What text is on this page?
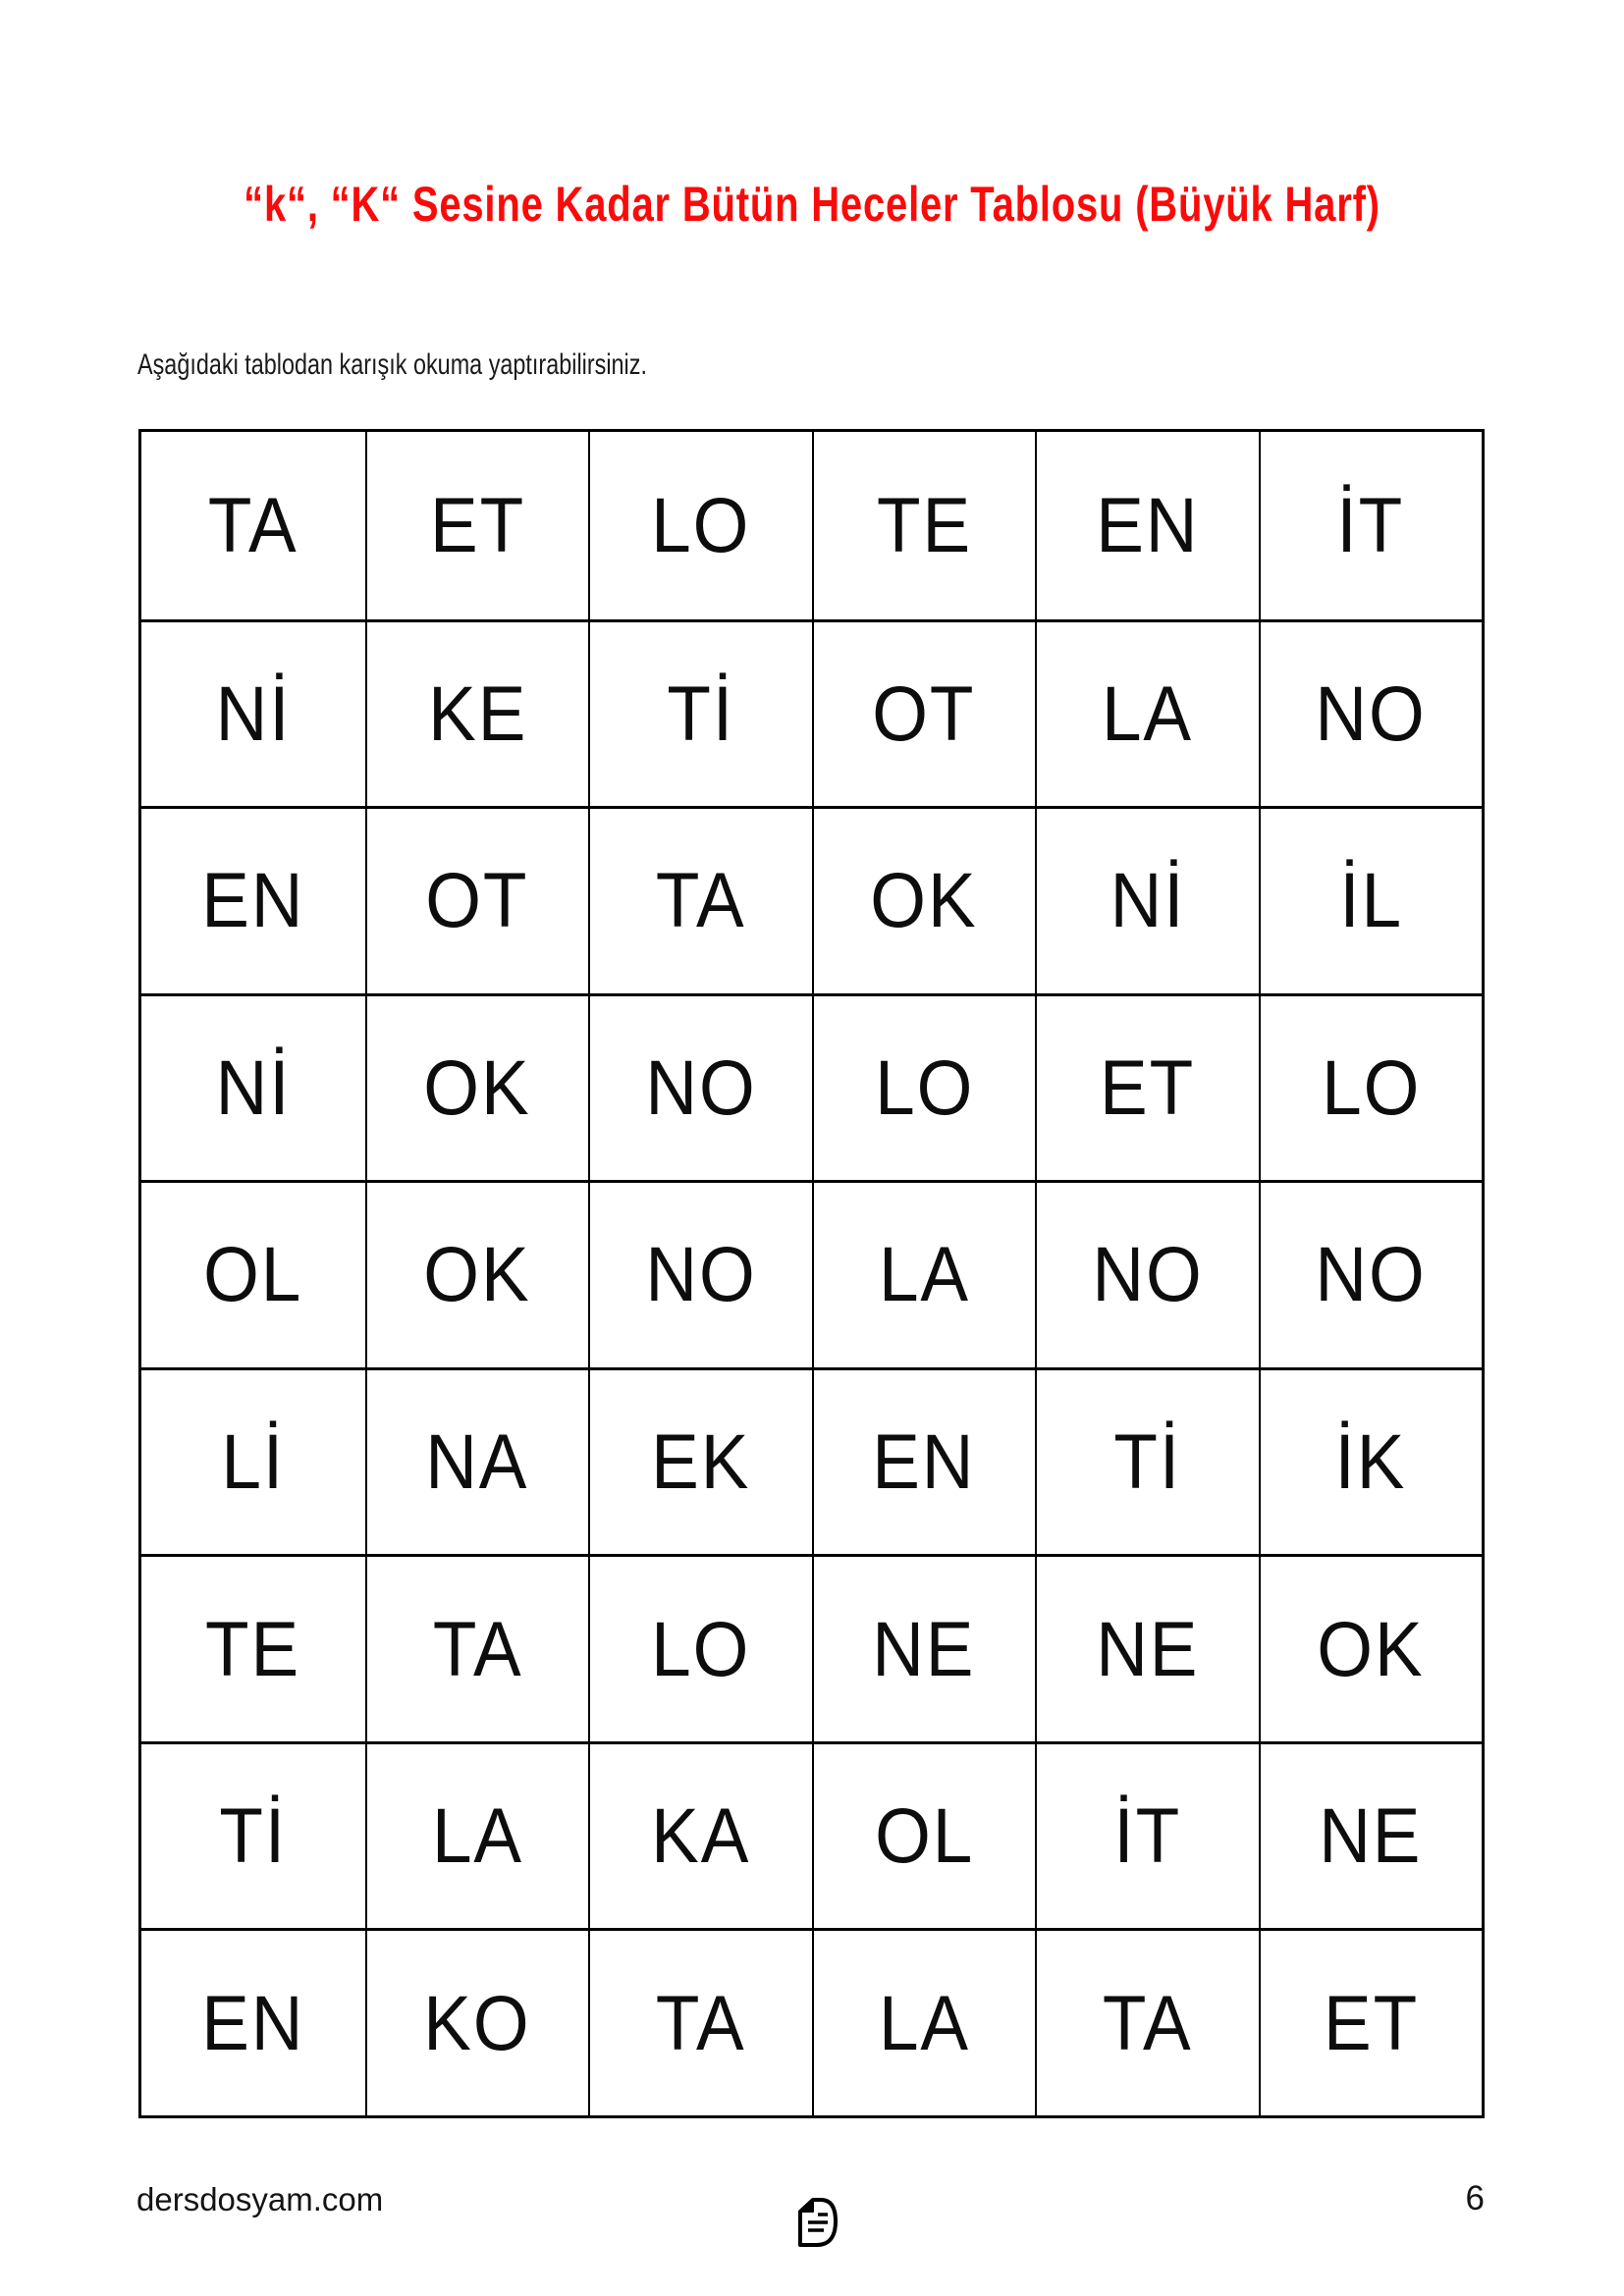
“k“, “K“ Sesine Kadar Bütün Heceler Tablosu (Büyük Harf)

Aşağıdaki tablodan karışık okuma yaptırabilirsiniz.

TA ET LO TE EN İT
Nİ KE Tİ OT LA NO
EN OT TA OK Nİ İL
Nİ OK NO LO ET LO
OL OK NO LA NO NO
Lİ NA EK EN Tİ İK
TE TA LO NE NE OK
Tİ LA KA OL İT NE
EN KO TA LA TA ET
dersdosyam.com	6
